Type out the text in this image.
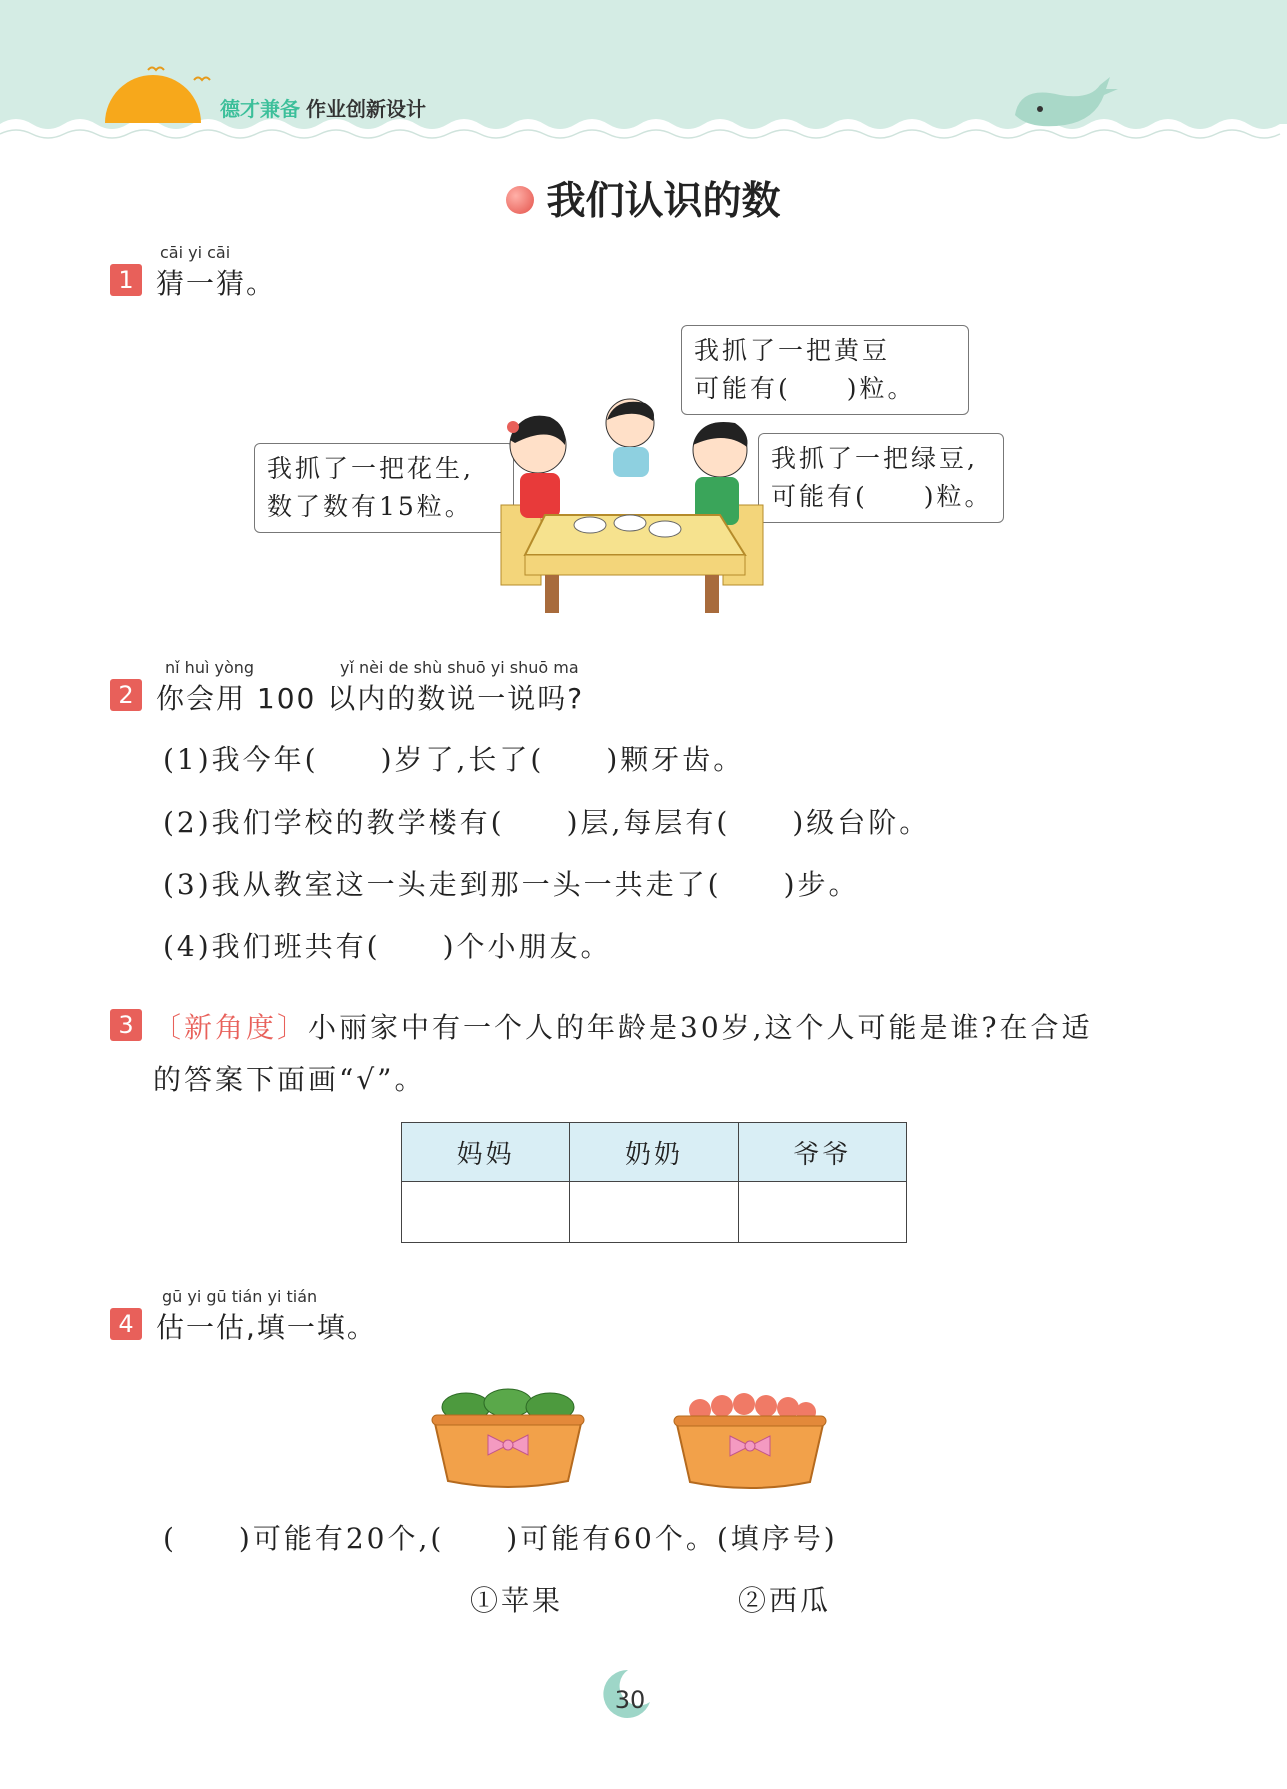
德才兼备 作业创新设计
我们认识的数
cāi yi cāi
1 猜一猜。
我抓了一把黄豆
可能有(　　)粒。
我抓了一把花生,
数了数有15粒。
我抓了一把绿豆,
可能有(　　)粒。
nǐ huì yòng	yǐ nèi de shù shuō yi shuō ma
2 你会用 100 以内的数说一说吗?
(1)我今年(　　)岁了,长了(　　)颗牙齿。
(2)我们学校的教学楼有(　　)层,每层有(　　)级台阶。
(3)我从教室这一头走到那一头一共走了(　　)步。
(4)我们班共有(　　)个小朋友。
3 〔新角度〕小丽家中有一个人的年龄是30岁,这个人可能是谁?在合适
的答案下面画“√”。
妈妈	奶奶	爷爷

gū yi gū tián yi tián
4 估一估,填一填。
(　　)可能有20个,(　　)可能有60个。(填序号)
①苹果	②西瓜
30
